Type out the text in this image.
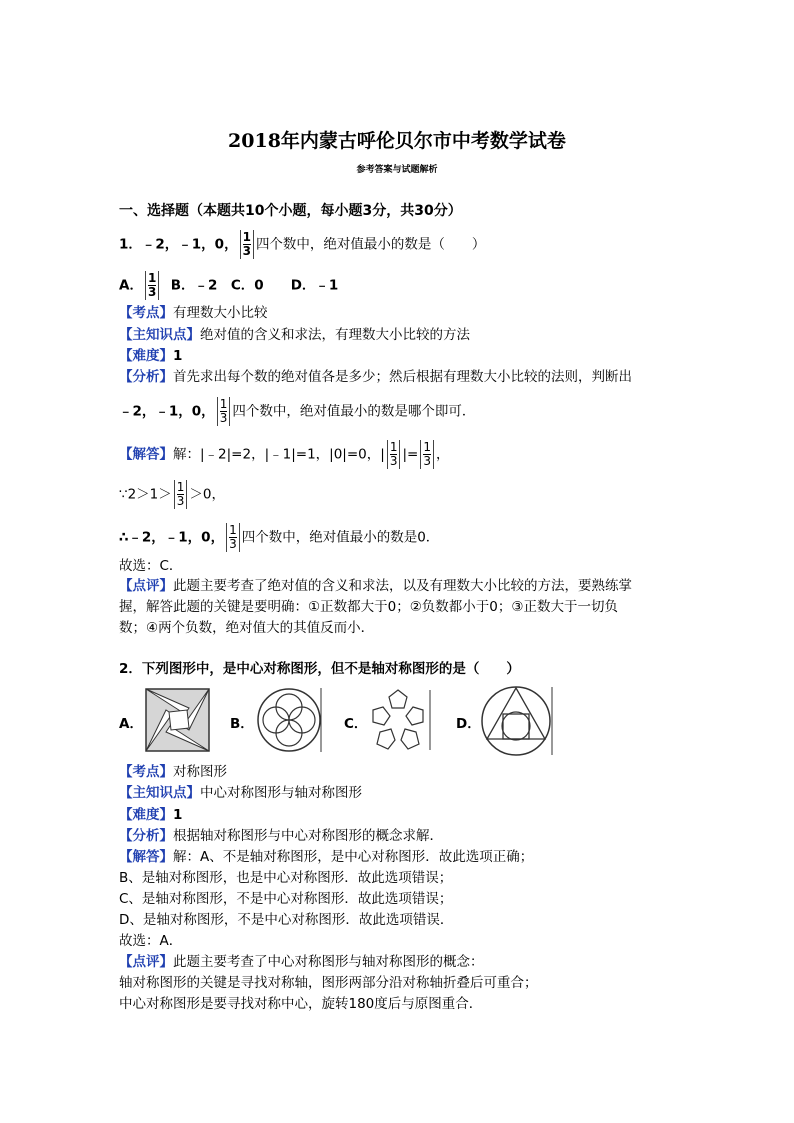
2018年内蒙古呼伦贝尔市中考数学试卷
参考答案与试题解析
一、选择题（本题共10个小题，每小题3分，共30分）
1．﹣2，﹣1，0， $\frac{1}{3}$ 四个数中，绝对值最小的数是（　　）
A． $\frac{1}{3}$ B．﹣2　C．0　　D．﹣1
【考点】有理数大小比较
【主知识点】绝对值的含义和求法，有理数大小比较的方法
【难度】1
【分析】首先求出每个数的绝对值各是多少；然后根据有理数大小比较的法则，判断出
﹣2，﹣1，0， $\frac{1}{3}$ 四个数中，绝对值最小的数是哪个即可．
【解答】解：|﹣2|=2，|﹣1|=1，|0|=0，| $\frac{1}{3}$ |= $\frac{1}{3}$ ，
∵2＞1＞ $\frac{1}{3} >0$，
∴﹣2，﹣1，0， $\frac{1}{3}$ 四个数中，绝对值最小的数是0．
故选：C．
【点评】此题主要考查了绝对值的含义和求法，以及有理数大小比较的方法，要熟练掌
握，解答此题的关键是要明确：①正数都大于0；②负数都小于0；③正数大于一切负
数；④两个负数，绝对值大的其值反而小．
2．下列图形中，是中心对称图形，但不是轴对称图形的是（　　）
A．	B．	C．	D．
【考点】对称图形
【主知识点】中心对称图形与轴对称图形
【难度】1
【分析】根据轴对称图形与中心对称图形的概念求解．
【解答】解：A、不是轴对称图形，是中心对称图形．故此选项正确；
B、是轴对称图形，也是中心对称图形．故此选项错误；
C、是轴对称图形，不是中心对称图形．故此选项错误；
D、是轴对称图形，不是中心对称图形．故此选项错误．
故选：A．
【点评】此题主要考查了中心对称图形与轴对称图形的概念：
轴对称图形的关键是寻找对称轴，图形两部分沿对称轴折叠后可重合；
中心对称图形是要寻找对称中心，旋转180度后与原图重合．
